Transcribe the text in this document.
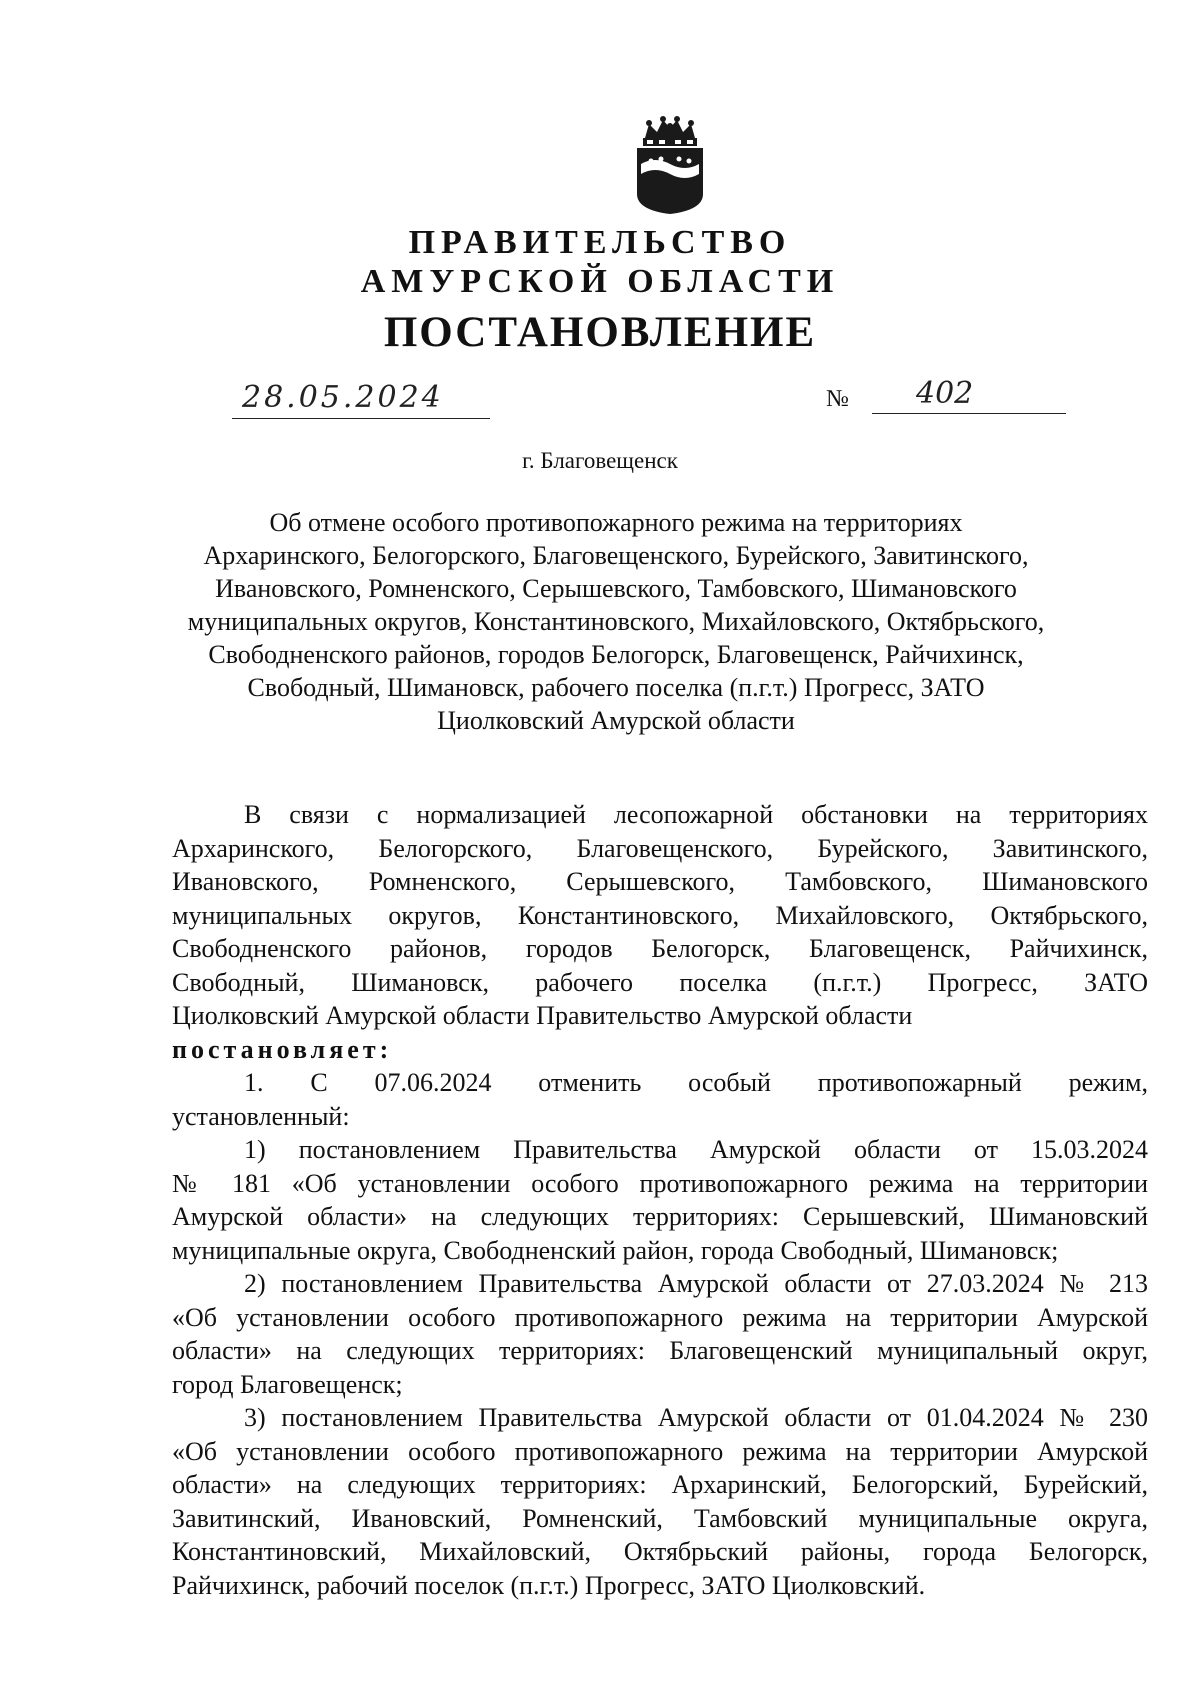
ПРАВИТЕЛЬСТВО
АМУРСКОЙ ОБЛАСТИ
ПОСТАНОВЛЕНИЕ
28.05.2024	№ 402
г. Благовещенск
Об отмене особого противопожарного режима на территориях
Архаринского, Белогорского, Благовещенского, Бурейского, Завитинского,
Ивановского, Ромненского, Серышевского, Тамбовского, Шимановского
муниципальных округов, Константиновского, Михайловского, Октябрьского,
Свободненского районов, городов Белогорск, Благовещенск, Райчихинск,
Свободный, Шимановск, рабочего поселка (п.г.т.) Прогресс, ЗАТО
Циолковский Амурской области
В связи с нормализацией лесопожарной обстановки на территориях
Архаринского, Белогорского, Благовещенского, Бурейского, Завитинского,
Ивановского, Ромненского, Серышевского, Тамбовского, Шимановского
муниципальных округов, Константиновского, Михайловского, Октябрьского,
Свободненского районов, городов Белогорск, Благовещенск, Райчихинск,
Свободный, Шимановск, рабочего поселка (п.г.т.) Прогресс, ЗАТО
Циолковский Амурской области Правительство Амурской области
постановляет:
1. С 07.06.2024 отменить особый противопожарный режим,
установленный:
1) постановлением Правительства Амурской области от 15.03.2024
№ 181 «Об установлении особого противопожарного режима на территории
Амурской области» на следующих территориях: Серышевский, Шимановский
муниципальные округа, Свободненский район, города Свободный, Шимановск;
2) постановлением Правительства Амурской области от 27.03.2024 № 213
«Об установлении особого противопожарного режима на территории Амурской
области» на следующих территориях: Благовещенский муниципальный округ,
город Благовещенск;
3) постановлением Правительства Амурской области от 01.04.2024 № 230
«Об установлении особого противопожарного режима на территории Амурской
области» на следующих территориях: Архаринский, Белогорский, Бурейский,
Завитинский, Ивановский, Ромненский, Тамбовский муниципальные округа,
Константиновский, Михайловский, Октябрьский районы, города Белогорск,
Райчихинск, рабочий поселок (п.г.т.) Прогресс, ЗАТО Циолковский.
